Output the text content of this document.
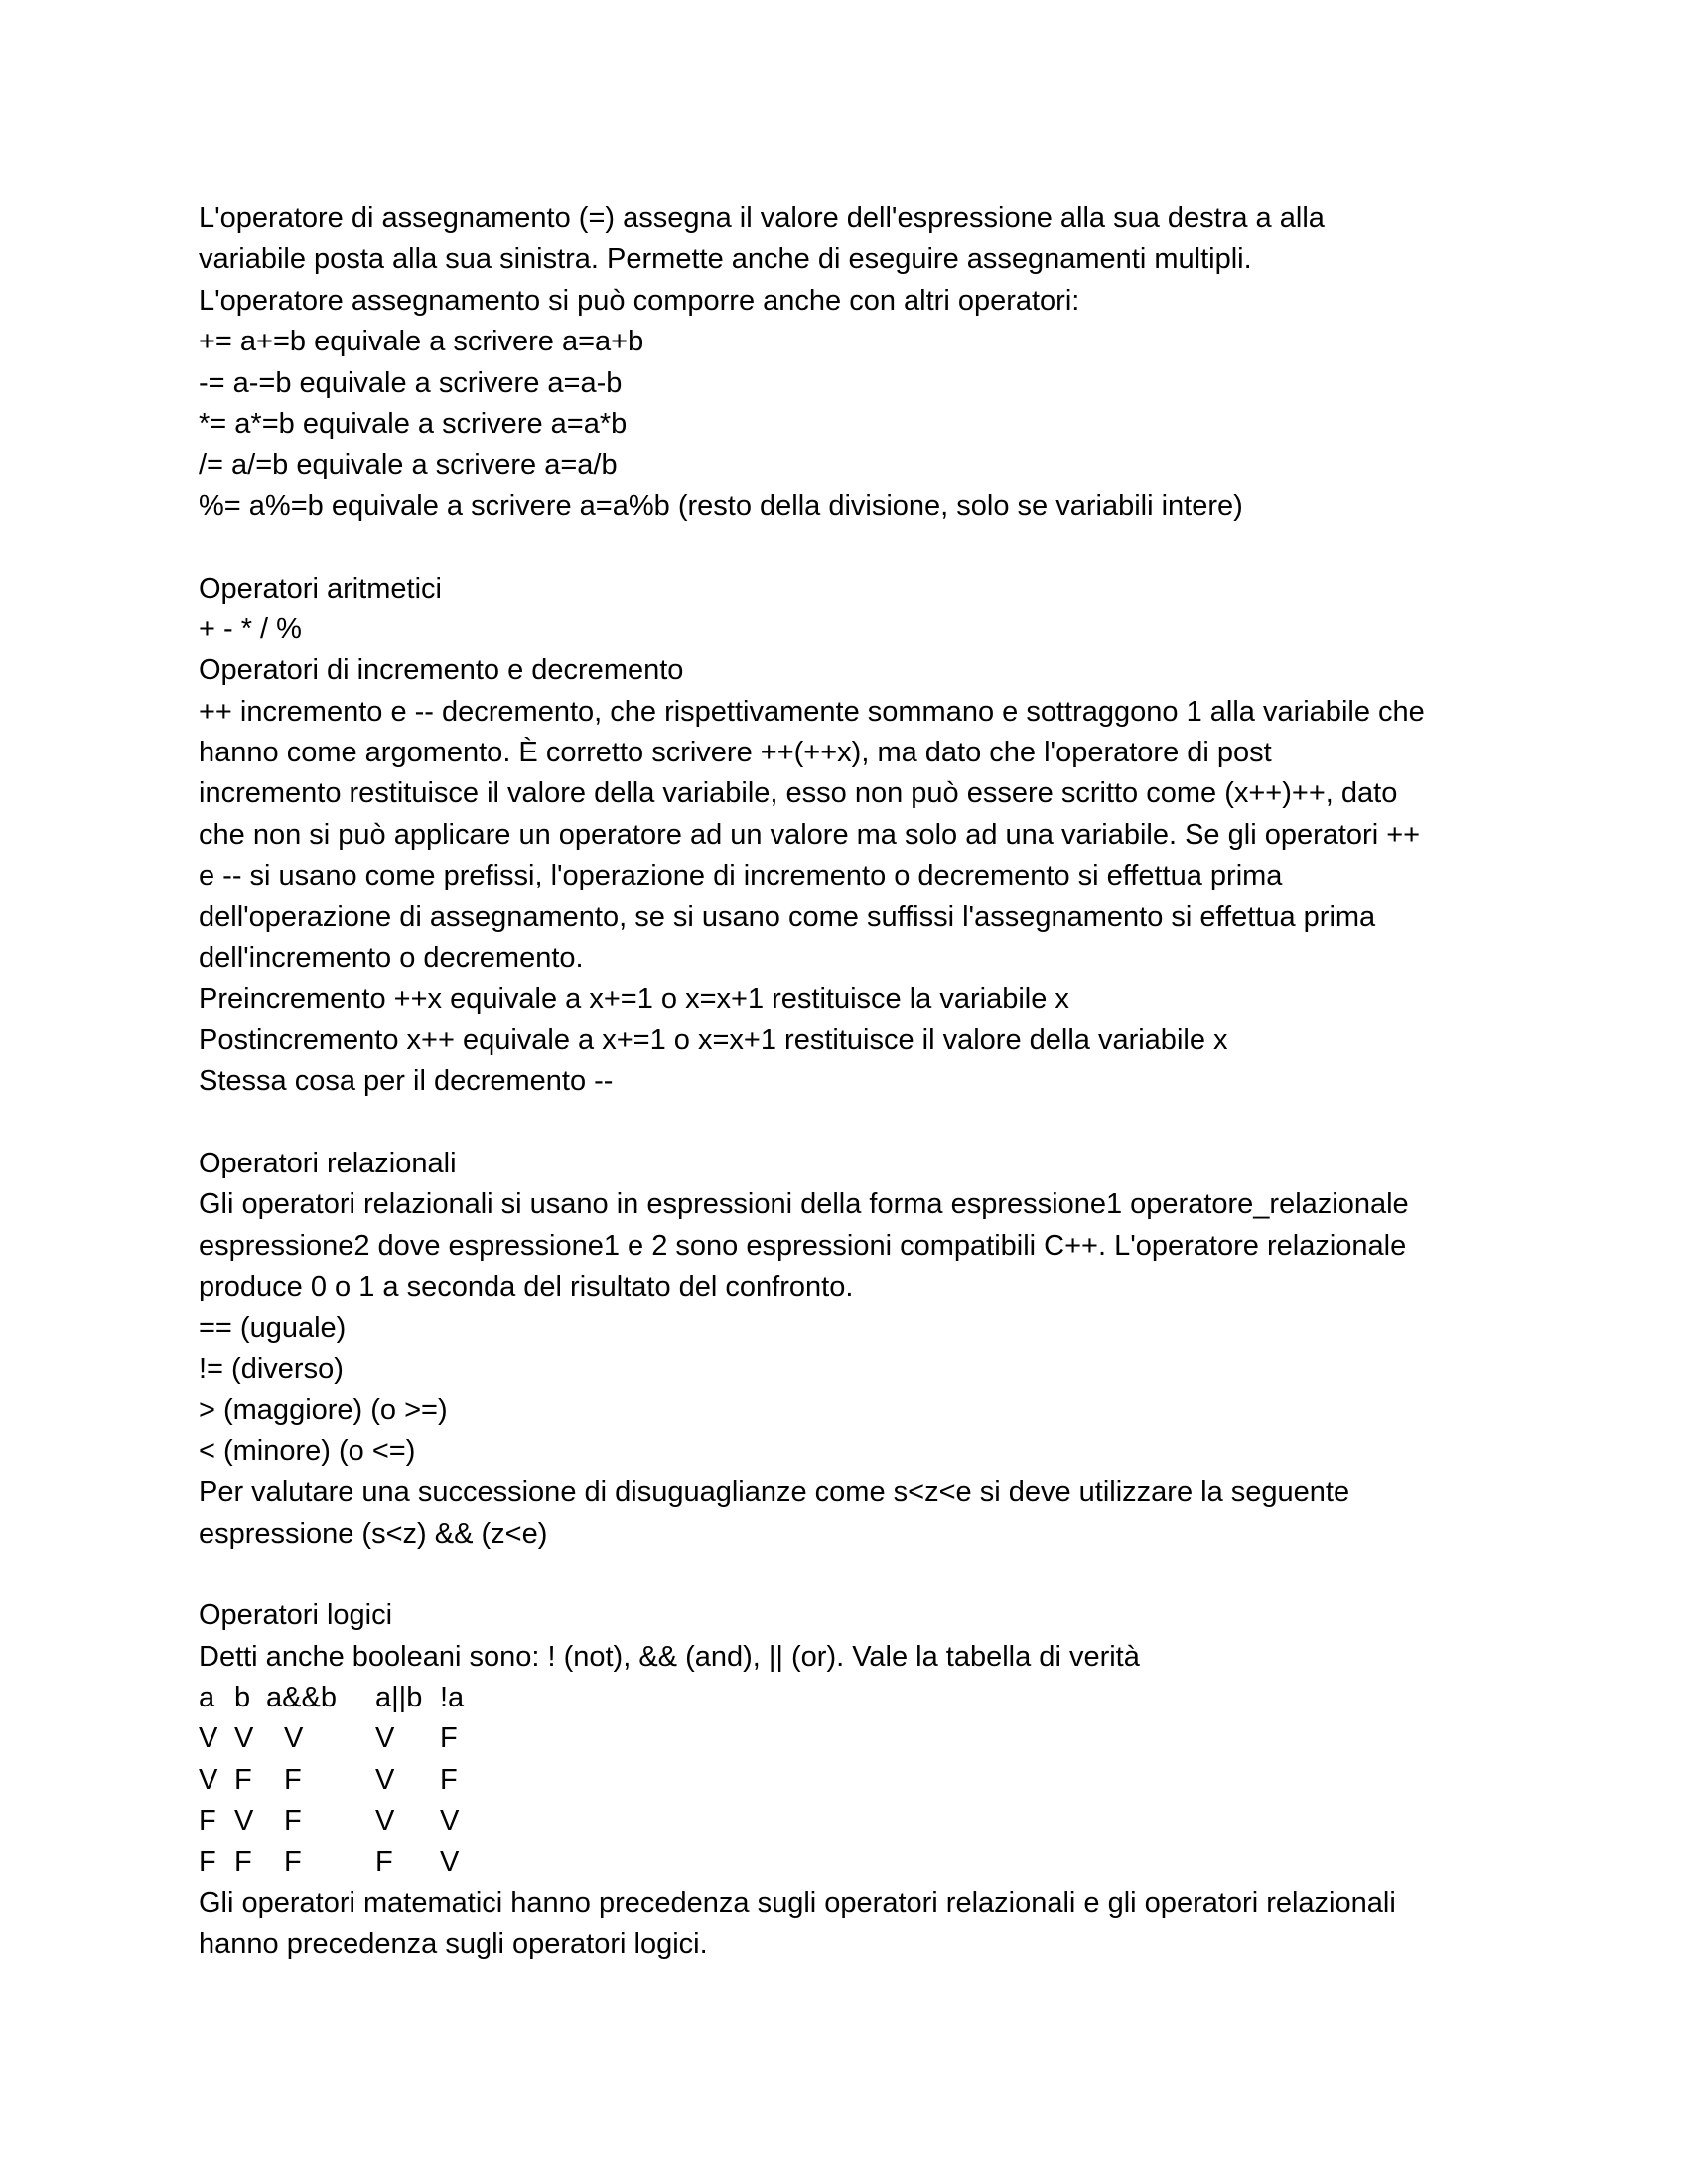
L'operatore di assegnamento (=) assegna il valore dell'espressione alla sua destra a alla
variabile posta alla sua sinistra. Permette anche di eseguire assegnamenti multipli.
L'operatore assegnamento si può comporre anche con altri operatori:
+= a+=b equivale a scrivere a=a+b
-= a-=b equivale a scrivere a=a-b
*= a*=b equivale a scrivere a=a*b
/= a/=b equivale a scrivere a=a/b
%= a%=b equivale a scrivere a=a%b (resto della divisione, solo se variabili intere)
Operatori aritmetici
+ - * / %
Operatori di incremento e decremento
++ incremento e -- decremento, che rispettivamente sommano e sottraggono 1 alla variabile che
hanno come argomento. È corretto scrivere ++(++x), ma dato che l'operatore di post
incremento restituisce il valore della variabile, esso non può essere scritto come (x++)++, dato
che non si può applicare un operatore ad un valore ma solo ad una variabile. Se gli operatori ++
e -- si usano come prefissi, l'operazione di incremento o decremento si effettua prima
dell'operazione di assegnamento, se si usano come suffissi l'assegnamento si effettua prima
dell'incremento o decremento.
Preincremento ++x equivale a x+=1 o x=x+1 restituisce la variabile x
Postincremento x++ equivale a x+=1 o x=x+1 restituisce il valore della variabile x
Stessa cosa per il decremento --
Operatori relazionali
Gli operatori relazionali si usano in espressioni della forma espressione1 operatore_relazionale
espressione2 dove espressione1 e 2 sono espressioni compatibili C++. L'operatore relazionale
produce 0 o 1 a seconda del risultato del confronto.
== (uguale)
!= (diverso)
> (maggiore) (o >=)
< (minore) (o <=)
Per valutare una successione di disuguaglianze come s<z<e si deve utilizzare la seguente
espressione (s<z) && (z<e)
Operatori logici
Detti anche booleani sono: ! (not), && (and), || (or). Vale la tabella di verità
a	b	a&&b	a||b	!a
V	V	V	V	F
V	F	F	V	F
F	V	F	V	V
F	F	F	F	V
Gli operatori matematici hanno precedenza sugli operatori relazionali e gli operatori relazionali
hanno precedenza sugli operatori logici.
